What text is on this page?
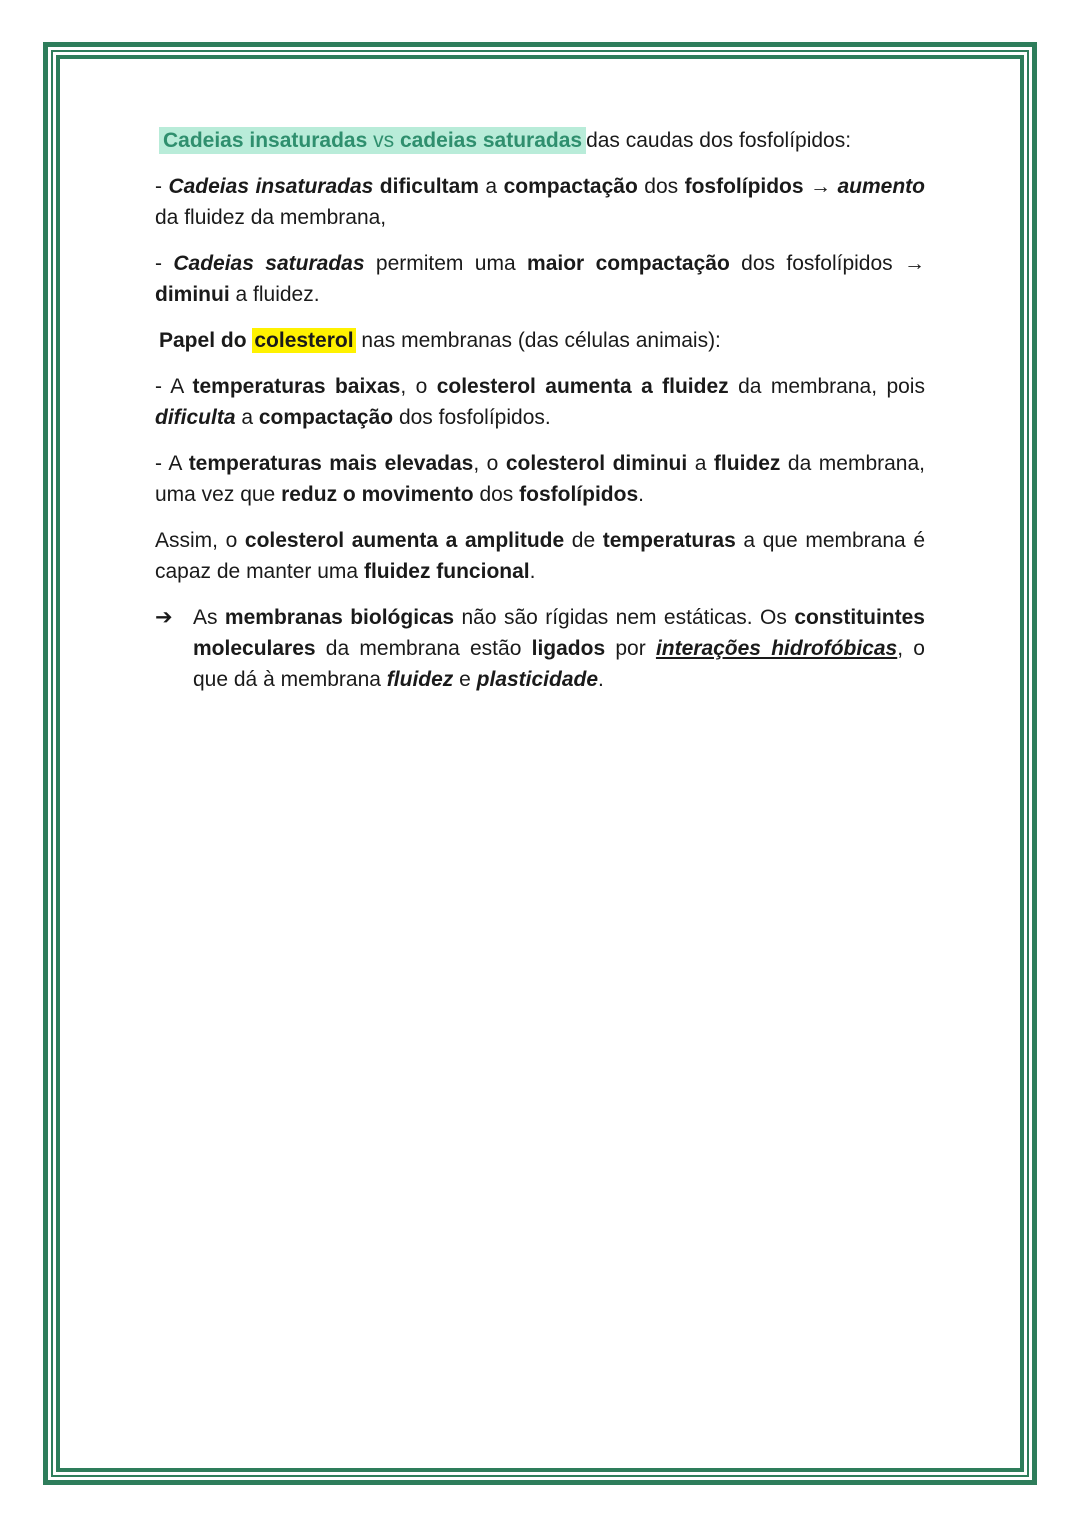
Cadeias insaturadas vs cadeias saturadas das caudas dos fosfolípidos:

- Cadeias insaturadas dificultam a compactação dos fosfolípidos → aumento da fluidez da membrana,

- Cadeias saturadas permitem uma maior compactação dos fosfolípidos → diminui a fluidez.

Papel do colesterol nas membranas (das células animais):

- A temperaturas baixas, o colesterol aumenta a fluidez da membrana, pois dificulta a compactação dos fosfolípidos.

- A temperaturas mais elevadas, o colesterol diminui a fluidez da membrana, uma vez que reduz o movimento dos fosfolípidos.

Assim, o colesterol aumenta a amplitude de temperaturas a que membrana é capaz de manter uma fluidez funcional.

➔ As membranas biológicas não são rígidas nem estáticas. Os constituintes moleculares da membrana estão ligados por interações hidrofóbicas, o que dá à membrana fluidez e plasticidade.
